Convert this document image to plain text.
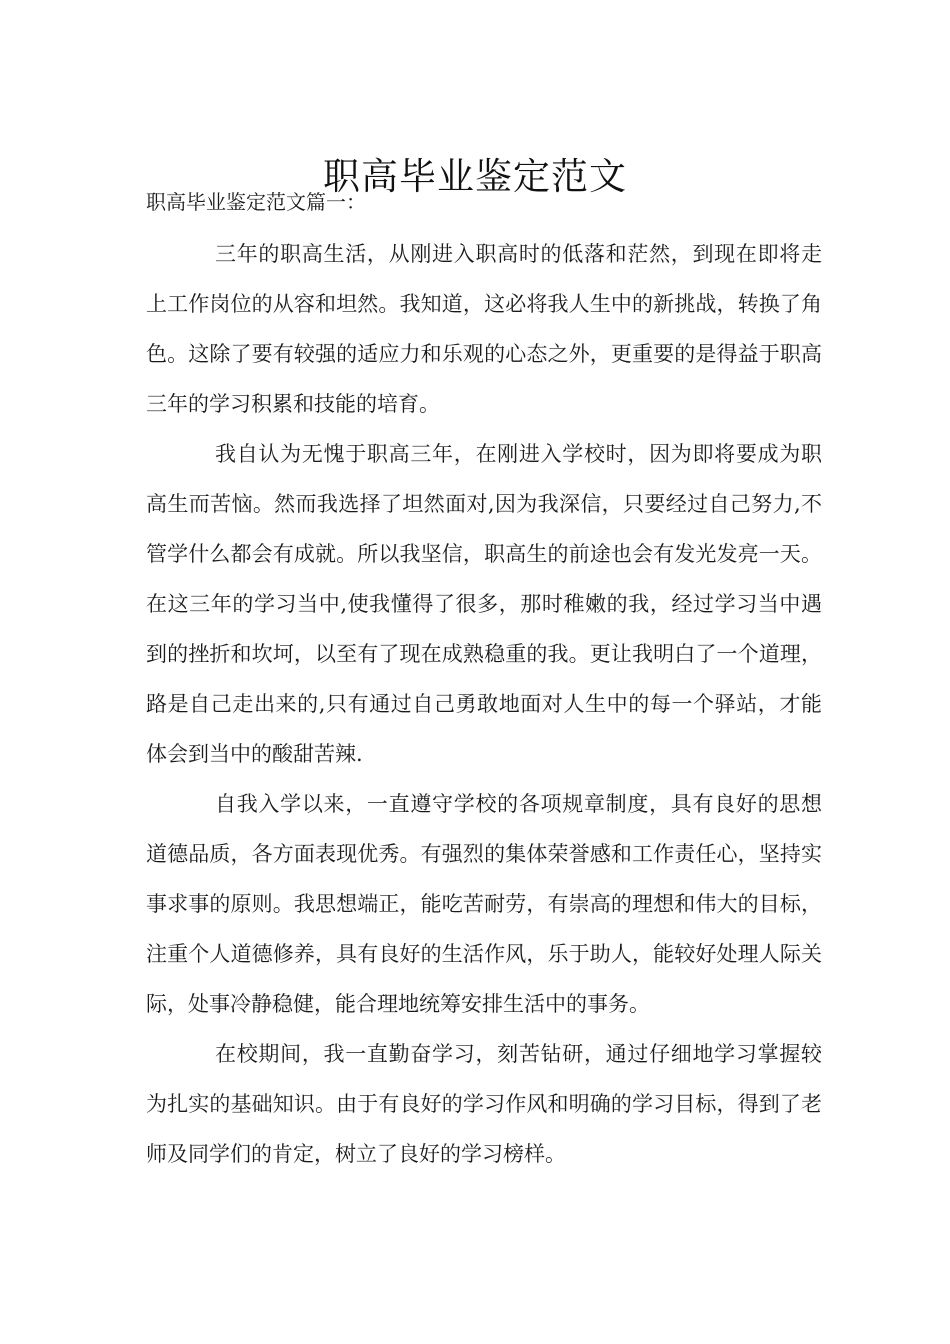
职高毕业鉴定范文
职高毕业鉴定范文篇一：

三年的职高生活，从刚进入职高时的低落和茫然，到现在即将走上工作岗位的从容和坦然。我知道，这必将我人生中的新挑战，转换了角色。这除了要有较强的适应力和乐观的心态之外，更重要的是得益于职高三年的学习积累和技能的培育。

我自认为无愧于职高三年，在刚进入学校时，因为即将要成为职高生而苦恼。然而我选择了坦然面对,因为我深信，只要经过自己努力,不管学什么都会有成就。所以我坚信，职高生的前途也会有发光发亮一天。在这三年的学习当中,使我懂得了很多，那时稚嫩的我，经过学习当中遇到的挫折和坎坷，以至有了现在成熟稳重的我。更让我明白了一个道理，路是自己走出来的,只有通过自己勇敢地面对人生中的每一个驿站，才能体会到当中的酸甜苦辣.

自我入学以来，一直遵守学校的各项规章制度，具有良好的思想道德品质，各方面表现优秀。有强烈的集体荣誉感和工作责任心，坚持实事求事的原则。我思想端正，能吃苦耐劳，有崇高的理想和伟大的目标，注重个人道德修养，具有良好的生活作风，乐于助人，能较好处理人际关际，处事冷静稳健，能合理地统筹安排生活中的事务。

在校期间，我一直勤奋学习，刻苦钻研，通过仔细地学习掌握较为扎实的基础知识。由于有良好的学习作风和明确的学习目标，得到了老师及同学们的肯定，树立了良好的学习榜样。
